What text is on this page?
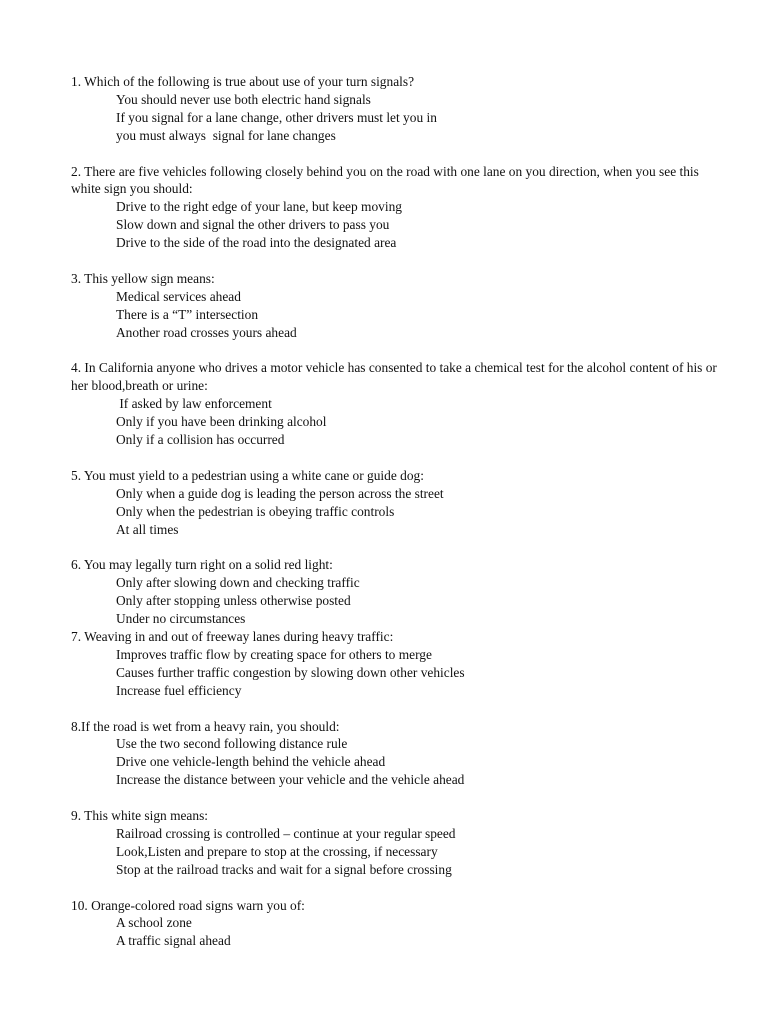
1. Which of the following is true about use of your turn signals?

You should never use both electric hand signals

If you signal for a lane change, other drivers must let you in

you must always  signal for lane changes

2. There are five vehicles following closely behind you on the road with one lane on you direction, when you see this white sign you should:

Drive to the right edge of your lane, but keep moving

Slow down and signal the other drivers to pass you

Drive to the side of the road into the designated area

3. This yellow sign means:

Medical services ahead

There is a “T” intersection

Another road crosses yours ahead

4. In California anyone who drives a motor vehicle has consented to take a chemical test for the alcohol content of his or her blood,breath or urine:

If asked by law enforcement

Only if you have been drinking alcohol

Only if a collision has occurred

5. You must yield to a pedestrian using a white cane or guide dog:

Only when a guide dog is leading the person across the street

Only when the pedestrian is obeying traffic controls

At all times

6. You may legally turn right on a solid red light:

Only after slowing down and checking traffic

Only after stopping unless otherwise posted

Under no circumstances

7. Weaving in and out of freeway lanes during heavy traffic:

Improves traffic flow by creating space for others to merge

Causes further traffic congestion by slowing down other vehicles

Increase fuel efficiency

8.If the road is wet from a heavy rain, you should:

Use the two second following distance rule

Drive one vehicle-length behind the vehicle ahead

Increase the distance between your vehicle and the vehicle ahead

9. This white sign means:

Railroad crossing is controlled – continue at your regular speed

Look,Listen and prepare to stop at the crossing, if necessary

Stop at the railroad tracks and wait for a signal before crossing

10. Orange-colored road signs warn you of:

A school zone

A traffic signal ahead
